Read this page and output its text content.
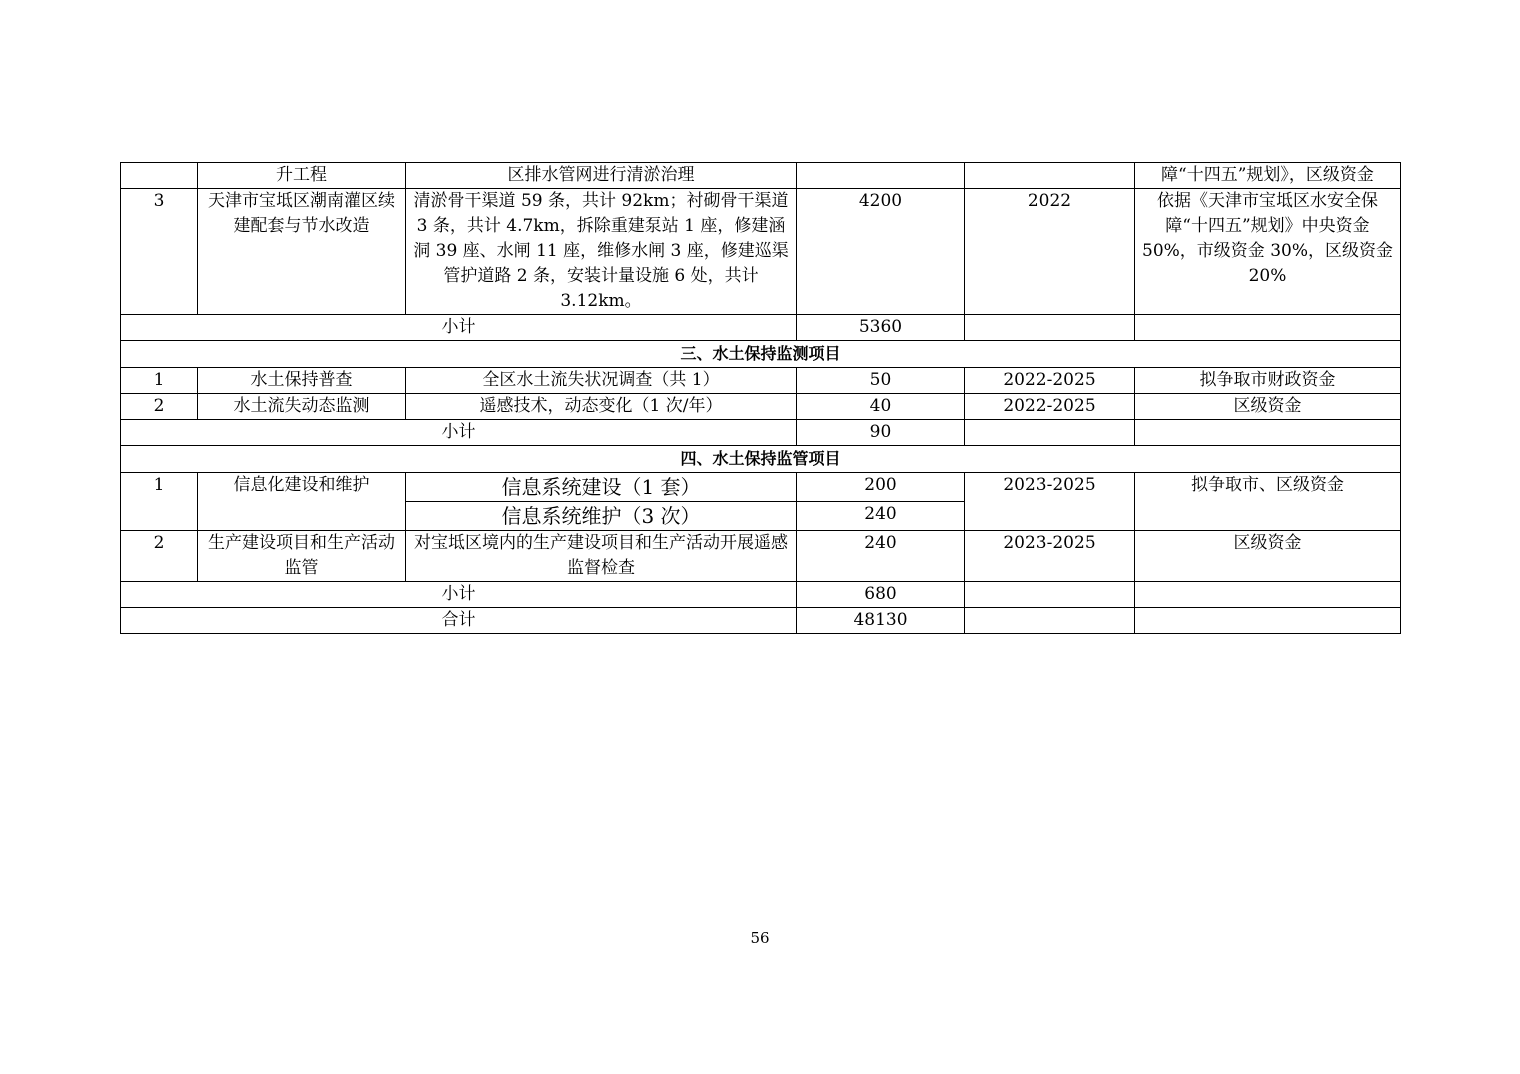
	升工程	区排水管网进行清淤治理			障“十四五”规划》，区级资金
3	天津市宝坻区潮南灌区续建配套与节水改造	清淤骨干渠道 59 条，共计 92km；衬砌骨干渠道 3 条，共计 4.7km，拆除重建泵站 1 座，修建涵洞 39 座、水闸 11 座，维修水闸 3 座，修建巡渠管护道路 2 条，安装计量设施 6 处，共计 3.12km。	4200	2022	依据《天津市宝坻区水安全保障“十四五”规划》中央资金 50%，市级资金 30%，区级资金 20%
小计			5360		
三、水土保持监测项目					
1	水土保持普查	全区水土流失状况调查（共 1）	50	2022-2025	拟争取市财政资金
2	水土流失动态监测	遥感技术，动态变化（1 次/年）	40	2022-2025	区级资金
小计			90		
四、水土保持监管项目					
1	信息化建设和维护	信息系统建设（1 套）	200	2023-2025	拟争取市、区级资金
		信息系统维护（3 次）	240		
2	生产建设项目和生产活动监管	对宝坻区境内的生产建设项目和生产活动开展遥感监督检查	240	2023-2025	区级资金
小计			680		
合计			48130		
56
